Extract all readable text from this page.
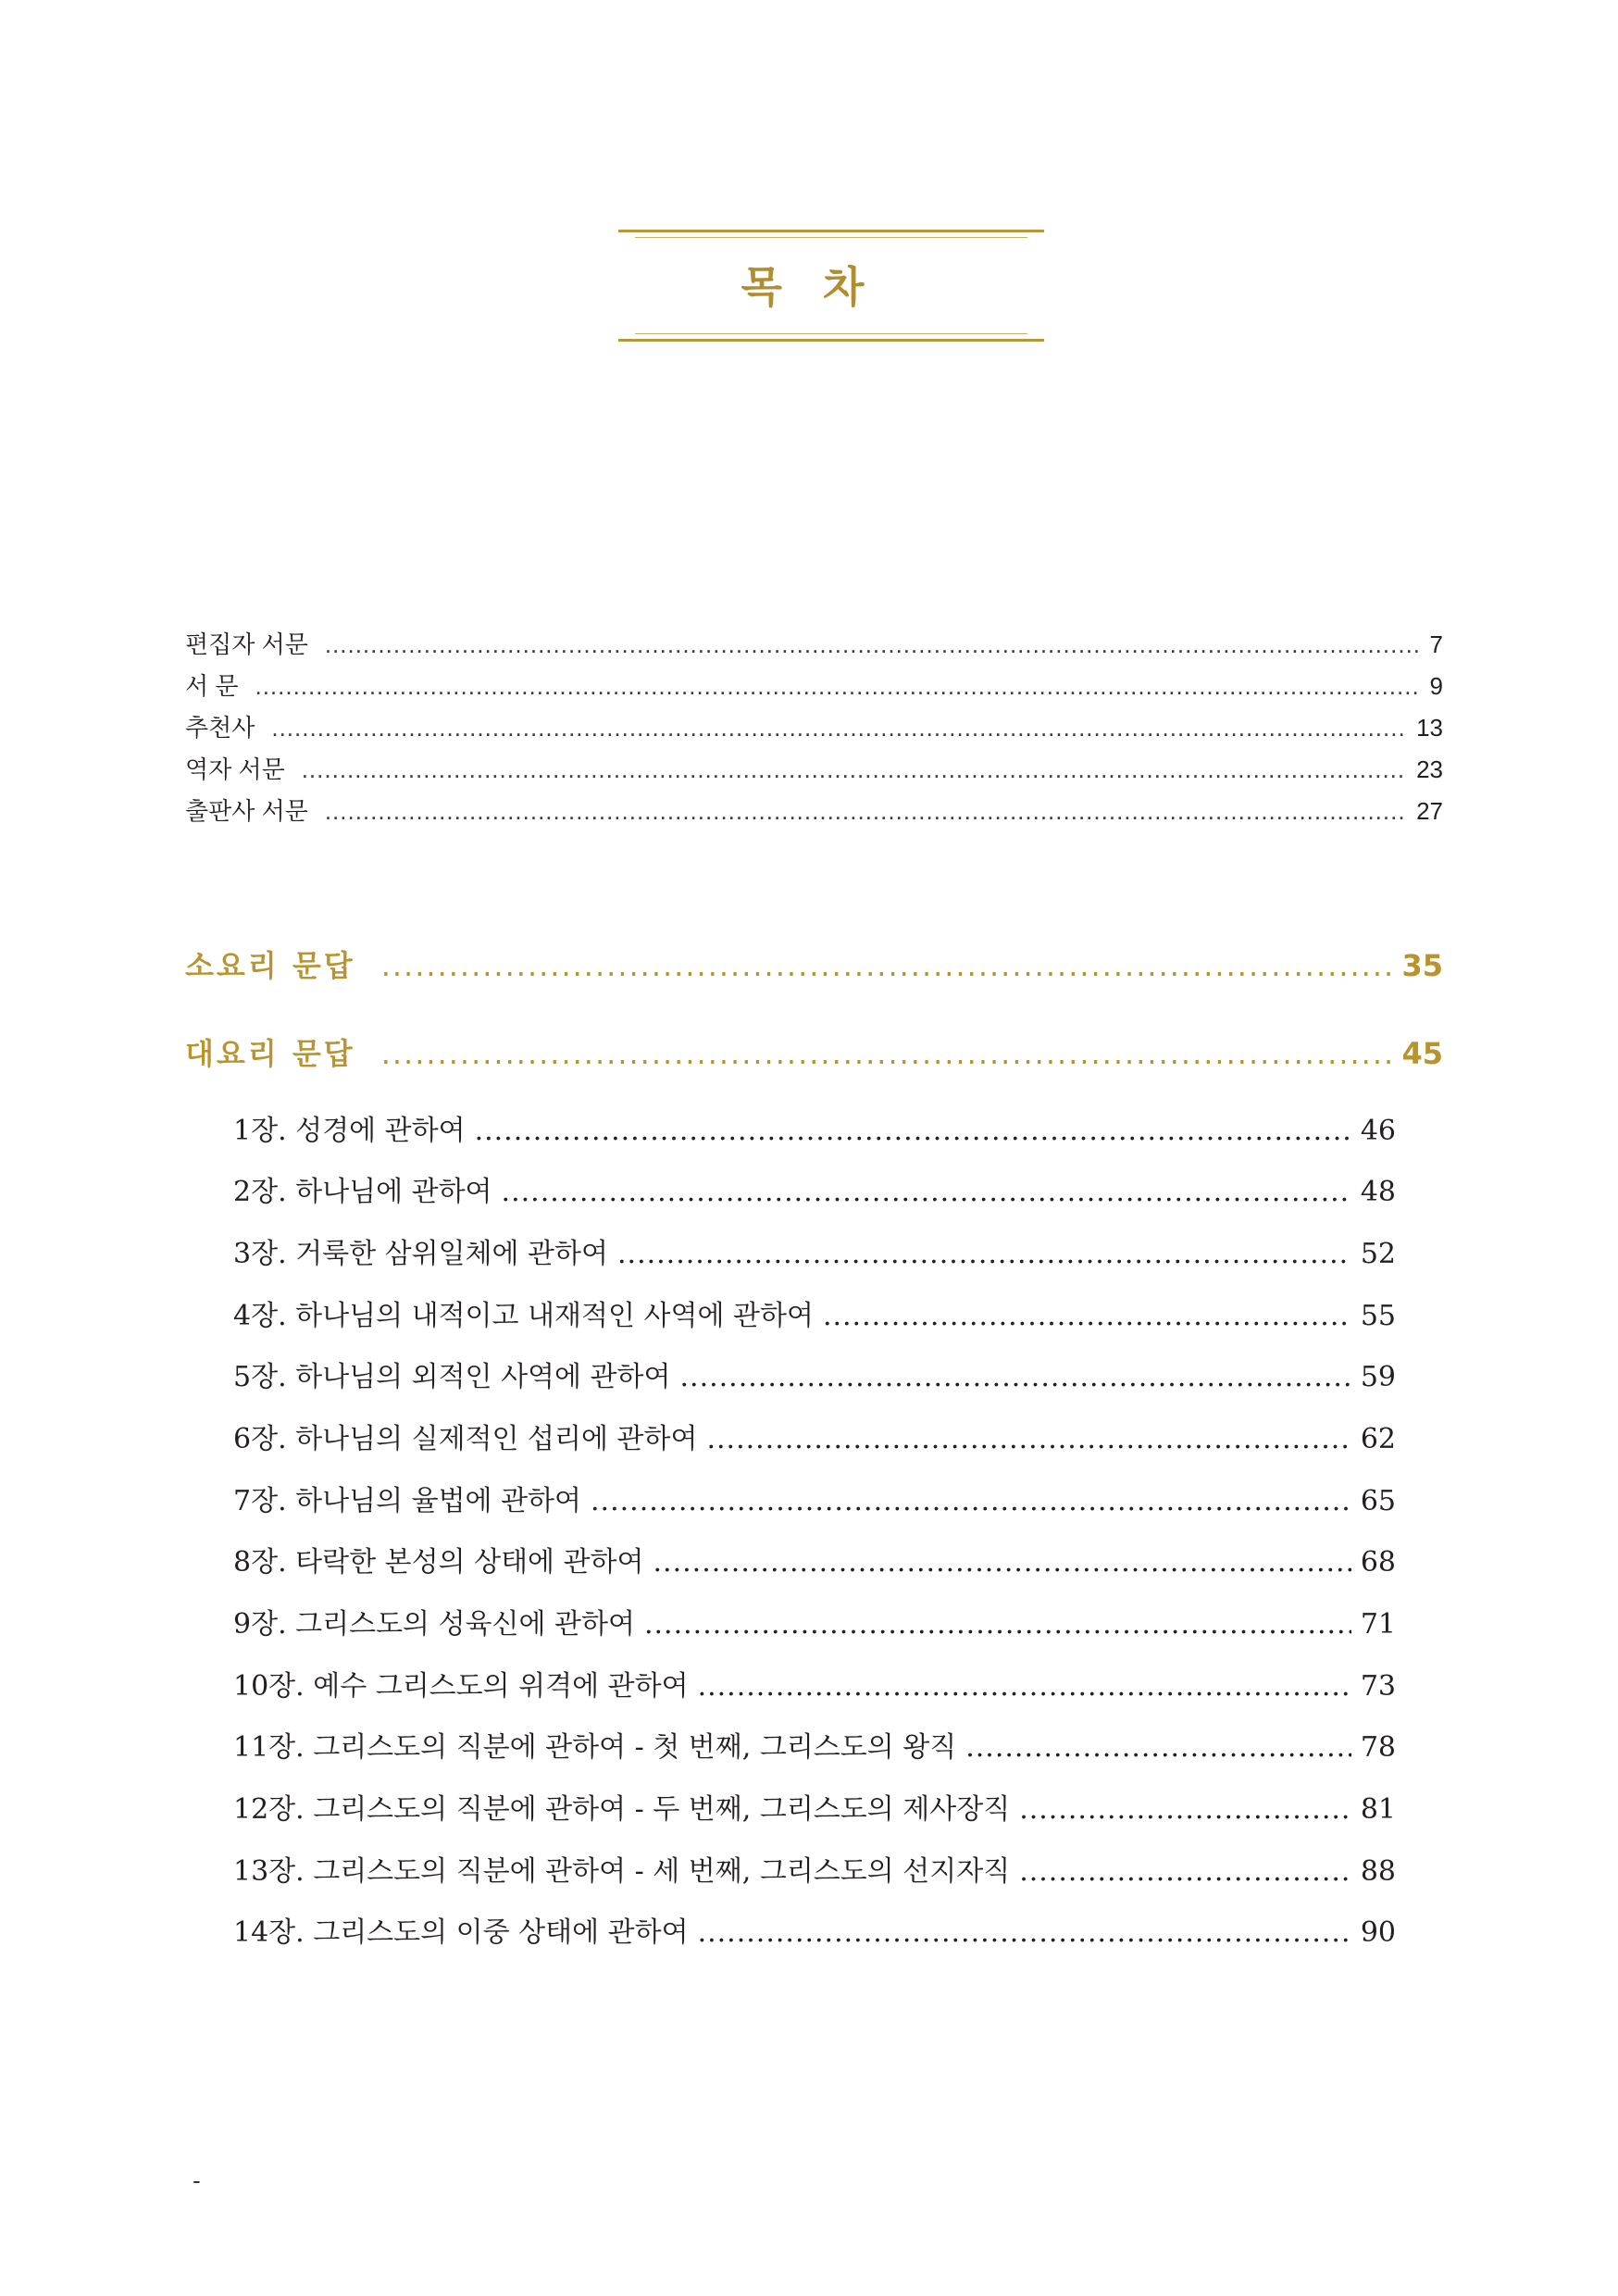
목 차
편집자 서문 .....	7
서 문 .....	9
추천사 .....	13
역자 서문 .....	23
출판사 서문 .....	27
소요리 문답 .....	35
대요리 문답 .....	45
1장. 성경에 관하여 .....	46
2장. 하나님에 관하여 .....	48
3장. 거룩한 삼위일체에 관하여 .....	52
4장. 하나님의 내적이고 내재적인 사역에 관하여 .....	55
5장. 하나님의 외적인 사역에 관하여 .....	59
6장. 하나님의 실제적인 섭리에 관하여 .....	62
7장. 하나님의 율법에 관하여 .....	65
8장. 타락한 본성의 상태에 관하여 .....	68
9장. 그리스도의 성육신에 관하여 .....	71
10장. 예수 그리스도의 위격에 관하여 .....	73
11장. 그리스도의 직분에 관하여 - 첫 번째, 그리스도의 왕직 .....	78
12장. 그리스도의 직분에 관하여 - 두 번째, 그리스도의 제사장직 .....	81
13장. 그리스도의 직분에 관하여 - 세 번째, 그리스도의 선지자직 .....	88
14장. 그리스도의 이중 상태에 관하여 .....	90
-
